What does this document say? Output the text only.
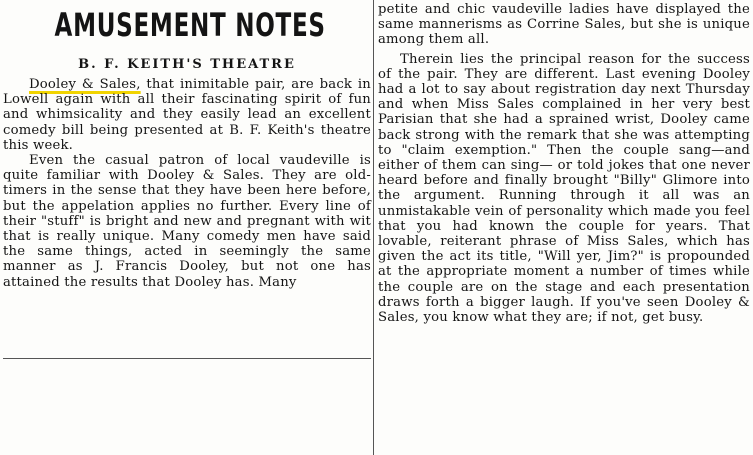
AMUSEMENT NOTES
B. F. KEITH'S THEATRE

Dooley & Sales, that inimitable pair, are back in Lowell again with all their fascinating spirit of fun and whimsicality and they easily lead an excellent comedy bill being presented at B. F. Keith's theatre this week.

Even the casual patron of local vaudeville is quite familiar with Dooley & Sales. They are old-timers in the sense that they have been here before, but the appelation applies no further. Every line of their "stuff" is bright and new and pregnant with wit that is really unique. Many comedy men have said the same things, acted in seemingly the same manner as J. Francis Dooley, but not one has attained the results that Dooley has. Many

petite and chic vaudeville ladies have displayed the same mannerisms as Corrine Sales, but she is unique among them all.

Therein lies the principal reason for the success of the pair. They are different. Last evening Dooley had a lot to say about registration day next Thursday and when Miss Sales complained in her very best Parisian that she had a sprained wrist, Dooley came back strong with the remark that she was attempting to "claim exemption." Then the couple sang—and either of them can sing— or told jokes that one never heard before and finally brought "Billy" Glimore into the argument. Running through it all was an unmistakable vein of personality which made you feel that you had known the couple for years. That lovable, reiterant phrase of Miss Sales, which has given the act its title, "Will yer, Jim?" is propounded at the appropriate moment a number of times while the couple are on the stage and each presentation draws forth a bigger laugh. If you've seen Dooley & Sales, you know what they are; if not, get busy.
